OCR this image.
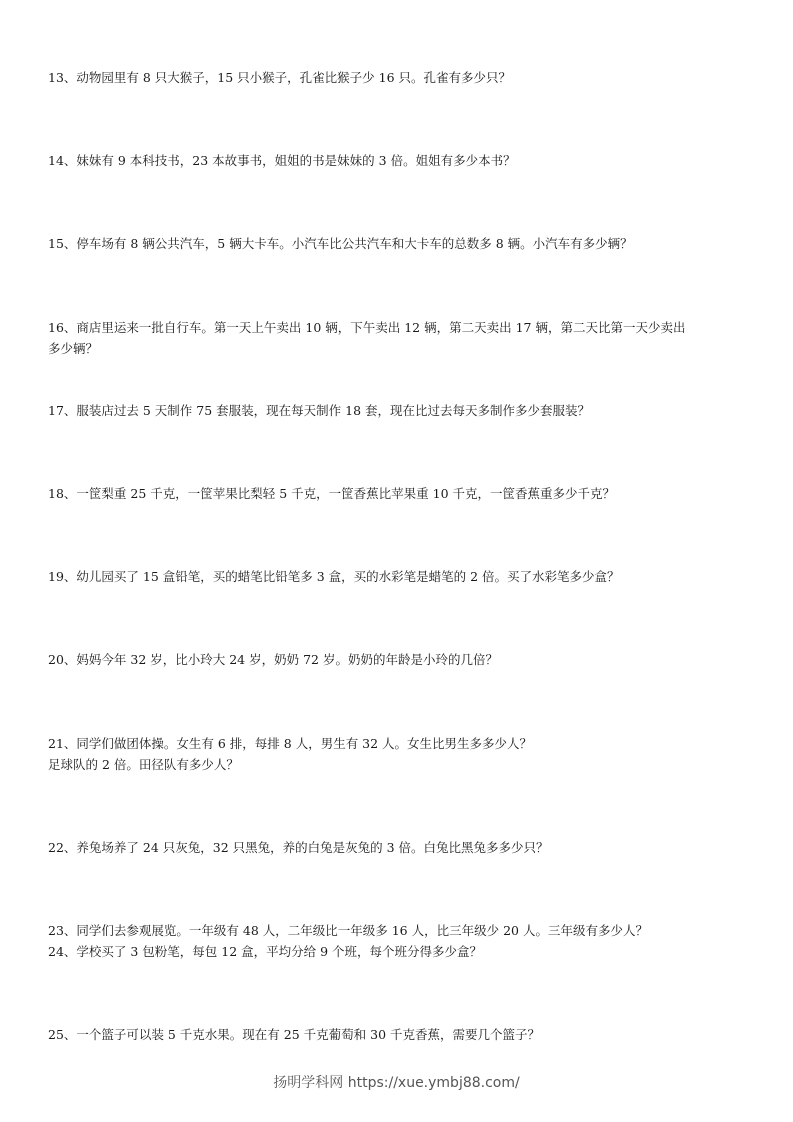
13、动物园里有 8 只大猴子，15 只小猴子，孔雀比猴子少 16 只。孔雀有多少只？
14、妹妹有 9 本科技书，23 本故事书，姐姐的书是妹妹的 3 倍。姐姐有多少本书？
15、停车场有 8 辆公共汽车，5 辆大卡车。小汽车比公共汽车和大卡车的总数多 8 辆。小汽车有多少辆？
16、商店里运来一批自行车。第一天上午卖出 10 辆，下午卖出 12 辆，第二天卖出 17 辆，第二天比第一天少卖出
多少辆？
17、服装店过去 5 天制作 75 套服装，现在每天制作 18 套，现在比过去每天多制作多少套服装？
18、一筐梨重 25 千克，一筐苹果比梨轻 5 千克，一筐香蕉比苹果重 10 千克，一筐香蕉重多少千克？
19、幼儿园买了 15 盒铅笔，买的蜡笔比铅笔多 3 盒，买的水彩笔是蜡笔的 2 倍。买了水彩笔多少盒？
20、妈妈今年 32 岁，比小玲大 24 岁，奶奶 72 岁。奶奶的年龄是小玲的几倍？
21、同学们做团体操。女生有 6 排，每排 8 人，男生有 32 人。女生比男生多多少人？
足球队的 2 倍。田径队有多少人？
22、养兔场养了 24 只灰兔，32 只黑兔，养的白兔是灰兔的 3 倍。白兔比黑兔多多少只？
23、同学们去参观展览。一年级有 48 人，二年级比一年级多 16 人，比三年级少 20 人。三年级有多少人？
24、学校买了 3 包粉笔，每包 12 盒，平均分给 9 个班，每个班分得多少盒？
25、一个篮子可以装 5 千克水果。现在有 25 千克葡萄和 30 千克香蕉，需要几个篮子？
扬明学科网 https://xue.ymbj88.com/
